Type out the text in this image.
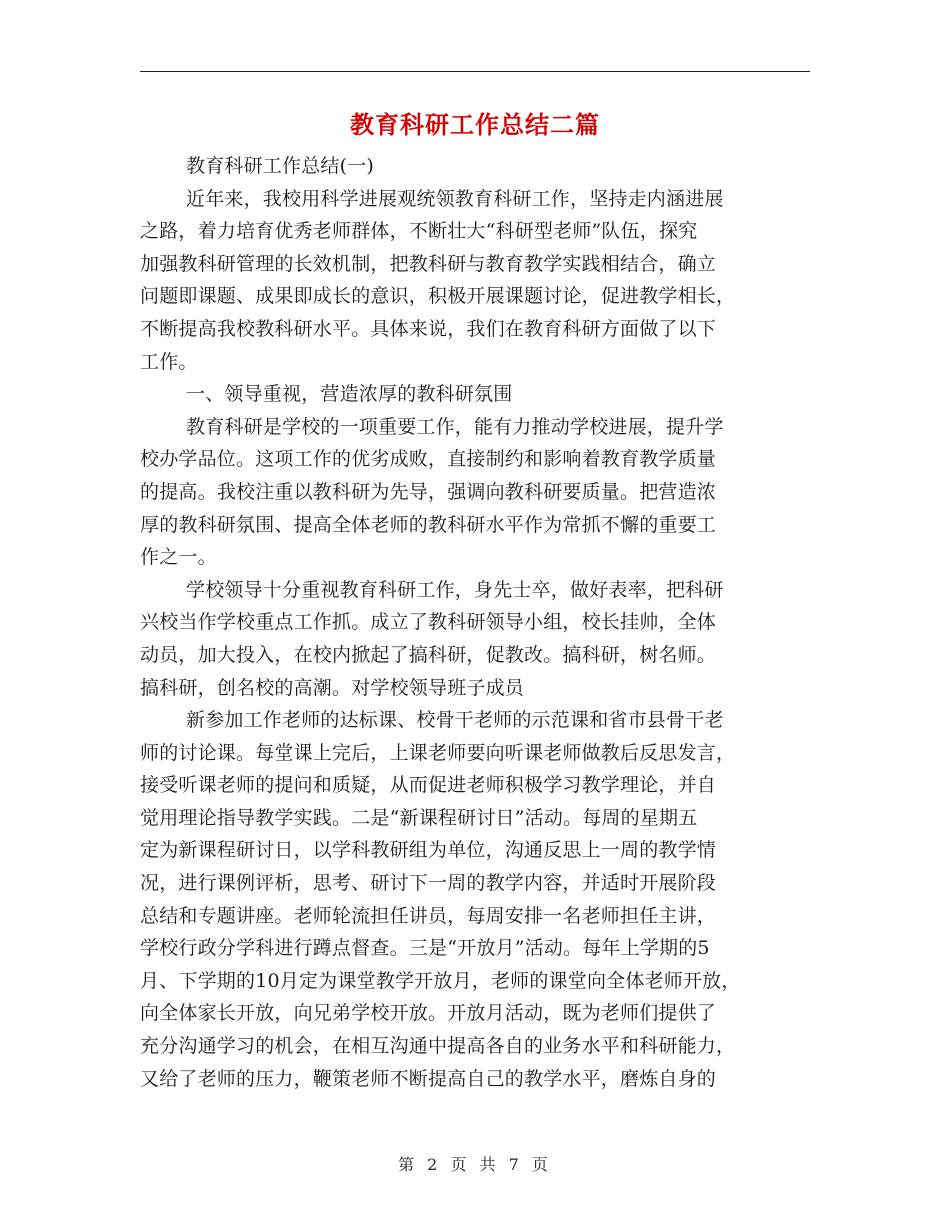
教育科研工作总结二篇
教育科研工作总结(一)
近年来，我校用科学进展观统领教育科研工作，坚持走内涵进展
之路，着力培育优秀老师群体，不断壮大“科研型老师”队伍，探究
加强教科研管理的长效机制，把教科研与教育教学实践相结合，确立
问题即课题、成果即成长的意识，积极开展课题讨论，促进教学相长，
不断提高我校教科研水平。具体来说，我们在教育科研方面做了以下
工作。
一、领导重视，营造浓厚的教科研氛围
教育科研是学校的一项重要工作，能有力推动学校进展，提升学
校办学品位。这项工作的优劣成败，直接制约和影响着教育教学质量
的提高。我校注重以教科研为先导，强调向教科研要质量。把营造浓
厚的教科研氛围、提高全体老师的教科研水平作为常抓不懈的重要工
作之一。
学校领导十分重视教育科研工作，身先士卒，做好表率，把科研
兴校当作学校重点工作抓。成立了教科研领导小组，校长挂帅，全体
动员，加大投入，在校内掀起了搞科研，促教改。搞科研，树名师。
搞科研，创名校的高潮。对学校领导班子成员
新参加工作老师的达标课、校骨干老师的示范课和省市县骨干老
师的讨论课。每堂课上完后，上课老师要向听课老师做教后反思发言，
接受听课老师的提问和质疑，从而促进老师积极学习教学理论，并自
觉用理论指导教学实践。二是“新课程研讨日”活动。每周的星期五
定为新课程研讨日，以学科教研组为单位，沟通反思上一周的教学情
况，进行课例评析，思考、研讨下一周的教学内容，并适时开展阶段
总结和专题讲座。老师轮流担任讲员，每周安排一名老师担任主讲，
学校行政分学科进行蹲点督查。三是“开放月”活动。每年上学期的5
月、下学期的10月定为课堂教学开放月，老师的课堂向全体老师开放，
向全体家长开放，向兄弟学校开放。开放月活动，既为老师们提供了
充分沟通学习的机会，在相互沟通中提高各自的业务水平和科研能力，
又给了老师的压力，鞭策老师不断提高自己的教学水平，磨炼自身的
第 2 页 共 7 页
